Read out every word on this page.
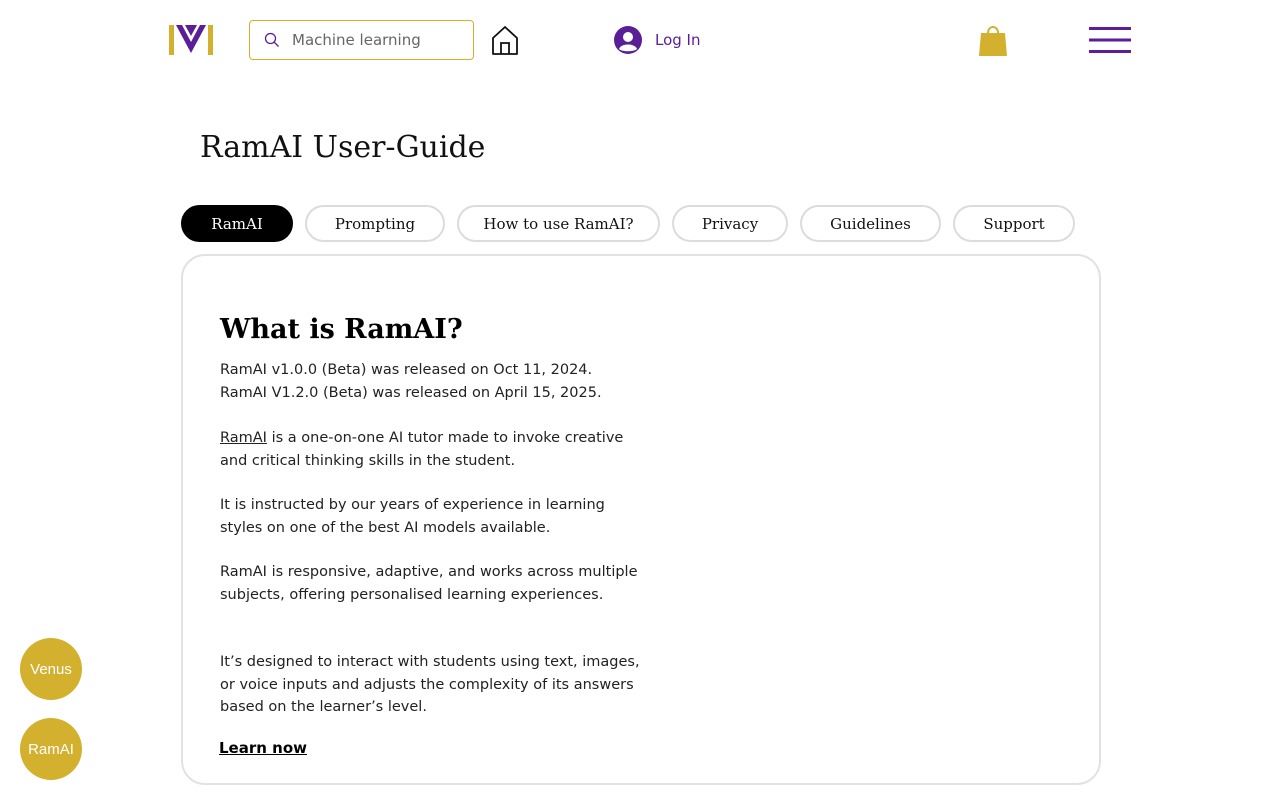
Machine learning
Log In
RamAI User-Guide
RamAI	Prompting	How to use RamAI?	Privacy	Guidelines	Support
What is RamAI?
RamAI v1.0.0 (Beta) was released on Oct 11, 2024.
RamAI V1.2.0 (Beta) was released on April 15, 2025.

RamAI is a one-on-one AI tutor made to invoke creative and critical thinking skills in the student.

It is instructed by our years of experience in learning styles on one of the best AI models available.

RamAI is responsive, adaptive, and works across multiple subjects, offering personalised learning experiences.

It’s designed to interact with students using text, images, or voice inputs and adjusts the complexity of its answers based on the learner’s level.

Learn now
Venus
RamAI
